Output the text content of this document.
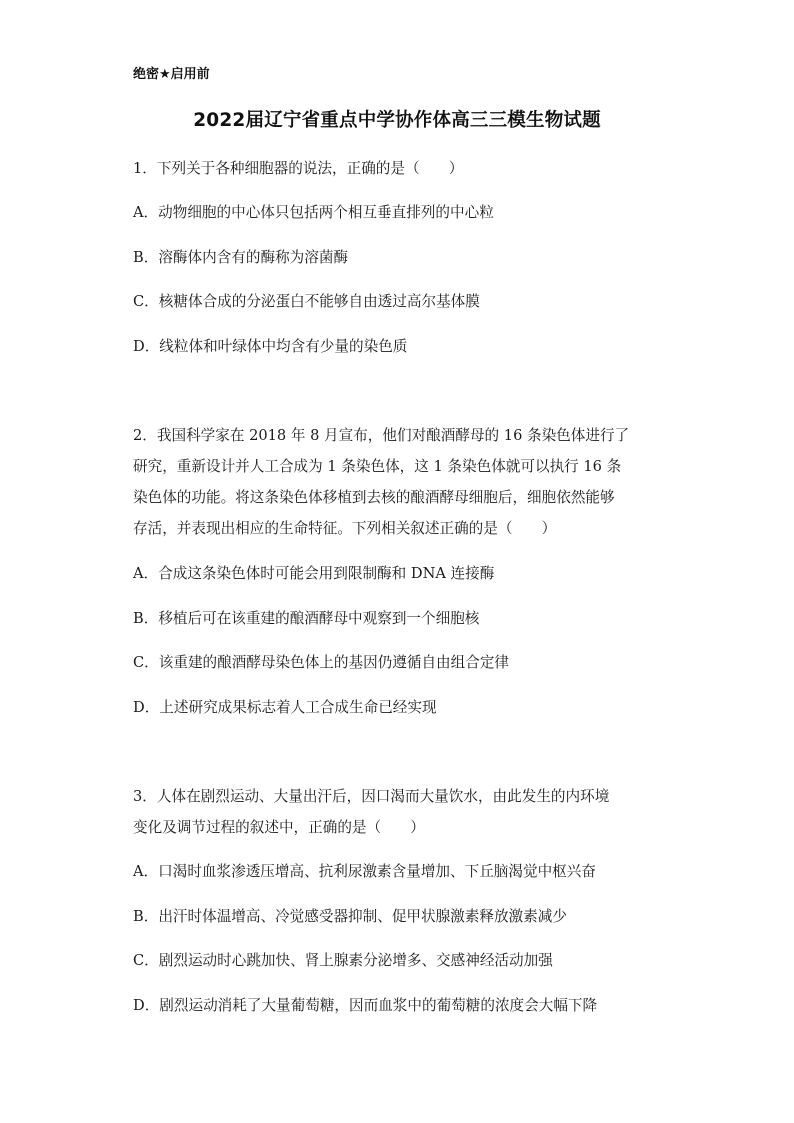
绝密★启用前
2022届辽宁省重点中学协作体高三三模生物试题
1．下列关于各种细胞器的说法，正确的是（　　）
A．动物细胞的中心体只包括两个相互垂直排列的中心粒
B．溶酶体内含有的酶称为溶菌酶
C．核糖体合成的分泌蛋白不能够自由透过高尔基体膜
D．线粒体和叶绿体中均含有少量的染色质
2．我国科学家在 2018 年 8 月宣布，他们对酿酒酵母的 16 条染色体进行了
研究，重新设计并人工合成为 1 条染色体，这 1 条染色体就可以执行 16 条
染色体的功能。将这条染色体移植到去核的酿酒酵母细胞后，细胞依然能够
存活，并表现出相应的生命特征。下列相关叙述正确的是（　　）
A．合成这条染色体时可能会用到限制酶和 DNA 连接酶
B．移植后可在该重建的酿酒酵母中观察到一个细胞核
C．该重建的酿酒酵母染色体上的基因仍遵循自由组合定律
D．上述研究成果标志着人工合成生命已经实现
3．人体在剧烈运动、大量出汗后，因口渴而大量饮水，由此发生的内环境
变化及调节过程的叙述中，正确的是（　　）
A．口渴时血浆渗透压增高、抗利尿激素含量增加、下丘脑渴觉中枢兴奋
B．出汗时体温增高、冷觉感受器抑制、促甲状腺激素释放激素减少
C．剧烈运动时心跳加快、肾上腺素分泌增多、交感神经活动加强
D．剧烈运动消耗了大量葡萄糖，因而血浆中的葡萄糖的浓度会大幅下降
